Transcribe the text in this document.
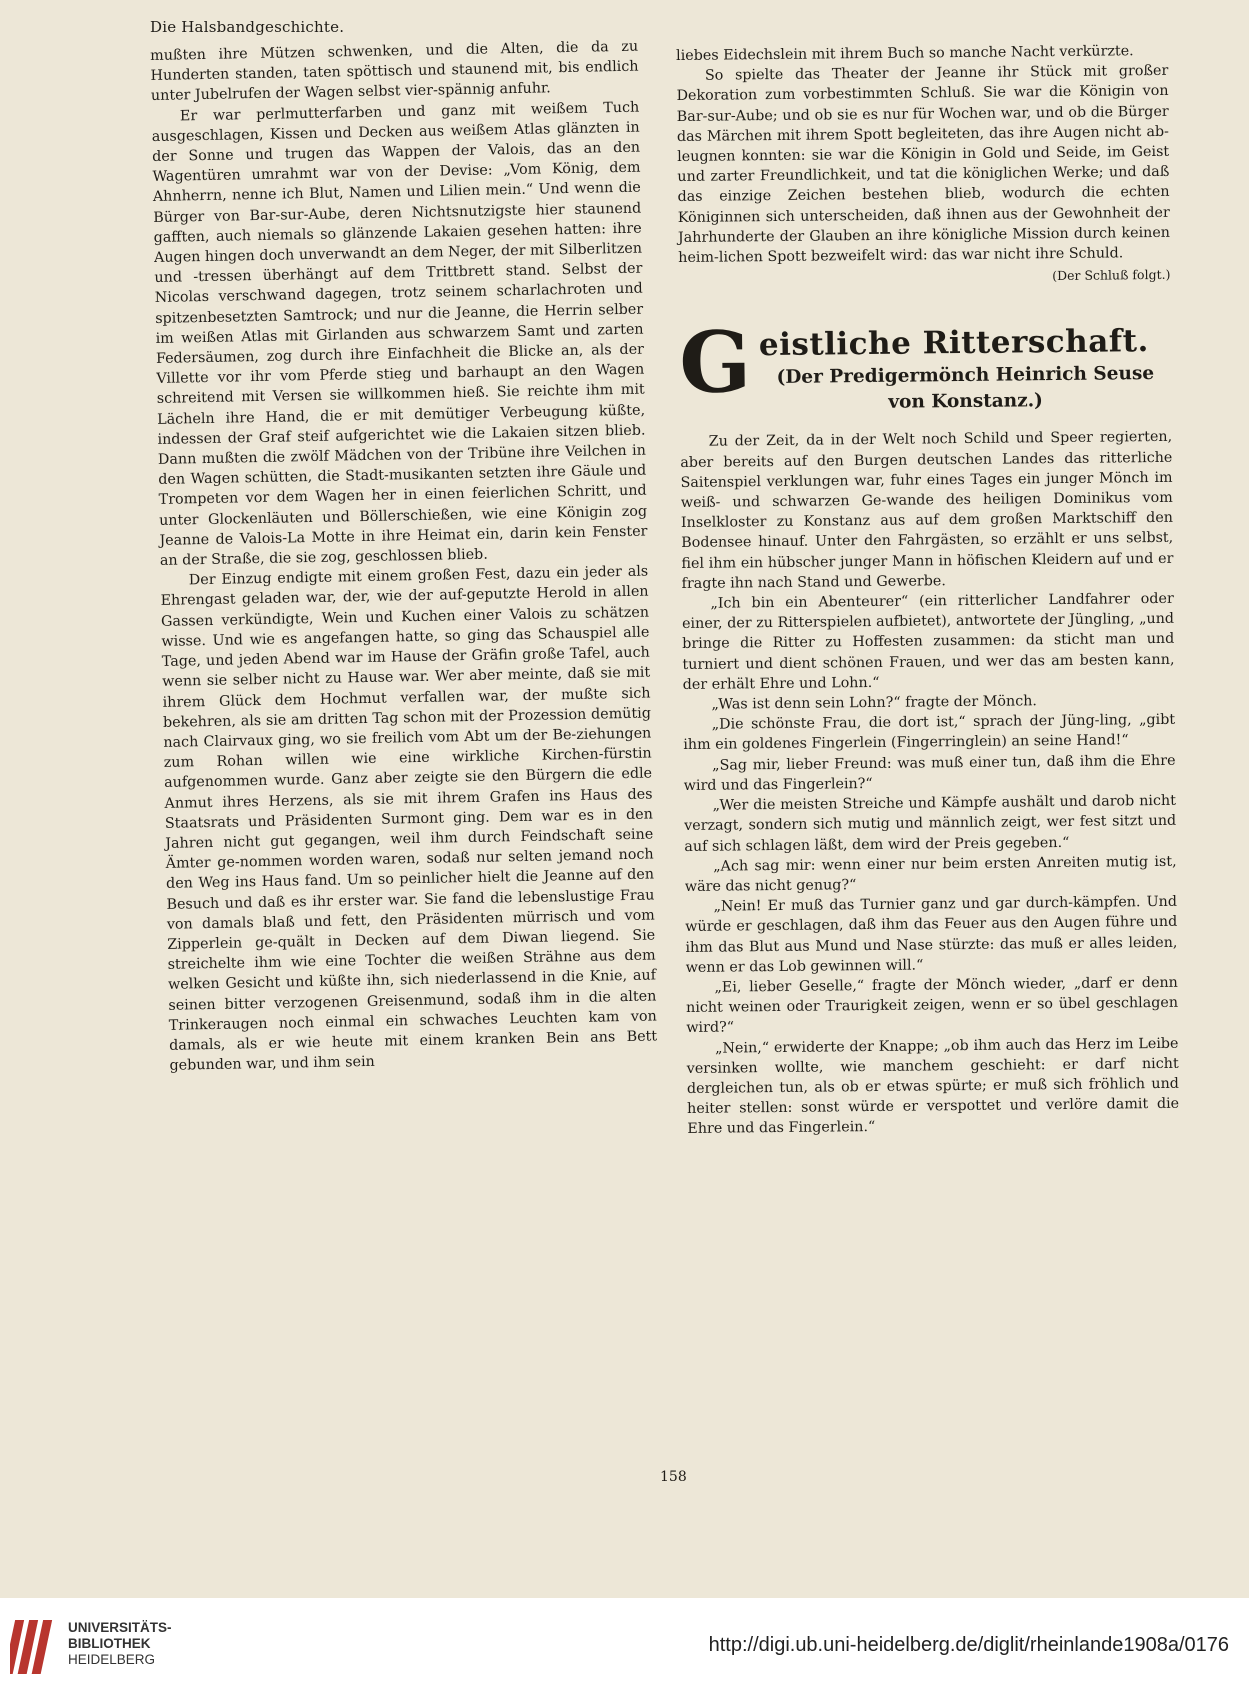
Die Halsbandgeschichte.

mußten ihre Mützen schwenken, und die Alten, die da zu Hunderten standen, taten spöttisch und staunend mit, bis endlich unter Jubelrufen der Wagen selbst vier-spännig anfuhr.

Er war perlmutterfarben und ganz mit weißem Tuch ausgeschlagen, Kissen und Decken aus weißem Atlas glänzten in der Sonne und trugen das Wappen der Valois, das an den Wagentüren umrahmt war von der Devise: „Vom König, dem Ahnherrn, nenne ich Blut, Namen und Lilien mein.“ Und wenn die Bürger von Bar-sur-Aube, deren Nichtsnutzigste hier staunend gafften, auch niemals so glänzende Lakaien gesehen hatten: ihre Augen hingen doch unverwandt an dem Neger, der mit Silberlitzen und -tressen überhängt auf dem Trittbrett stand. Selbst der Nicolas verschwand dagegen, trotz seinem scharlachroten und spitzenbesetzten Samtrock; und nur die Jeanne, die Herrin selber im weißen Atlas mit Girlanden aus schwarzem Samt und zarten Federsäumen, zog durch ihre Einfachheit die Blicke an, als der Villette vor ihr vom Pferde stieg und barhaupt an den Wagen schreitend mit Versen sie willkommen hieß. Sie reichte ihm mit Lächeln ihre Hand, die er mit demütiger Verbeugung küßte, indessen der Graf steif aufgerichtet wie die Lakaien sitzen blieb. Dann mußten die zwölf Mädchen von der Tribüne ihre Veilchen in den Wagen schütten, die Stadt-musikanten setzten ihre Gäule und Trompeten vor dem Wagen her in einen feierlichen Schritt, und unter Glockenläuten und Böllerschießen, wie eine Königin zog Jeanne de Valois-La Motte in ihre Heimat ein, darin kein Fenster an der Straße, die sie zog, geschlossen blieb.

Der Einzug endigte mit einem großen Fest, dazu ein jeder als Ehrengast geladen war, der, wie der auf-geputzte Herold in allen Gassen verkündigte, Wein und Kuchen einer Valois zu schätzen wisse. Und wie es angefangen hatte, so ging das Schauspiel alle Tage, und jeden Abend war im Hause der Gräfin große Tafel, auch wenn sie selber nicht zu Hause war. Wer aber meinte, daß sie mit ihrem Glück dem Hochmut verfallen war, der mußte sich bekehren, als sie am dritten Tag schon mit der Prozession demütig nach Clairvaux ging, wo sie freilich vom Abt um der Be-ziehungen zum Rohan willen wie eine wirkliche Kirchen-fürstin aufgenommen wurde. Ganz aber zeigte sie den Bürgern die edle Anmut ihres Herzens, als sie mit ihrem Grafen ins Haus des Staatsrats und Präsidenten Surmont ging. Dem war es in den Jahren nicht gut gegangen, weil ihm durch Feindschaft seine Ämter ge-nommen worden waren, sodaß nur selten jemand noch den Weg ins Haus fand. Um so peinlicher hielt die Jeanne auf den Besuch und daß es ihr erster war. Sie fand die lebenslustige Frau von damals blaß und fett, den Präsidenten mürrisch und vom Zipperlein ge-quält in Decken auf dem Diwan liegend. Sie streichelte ihm wie eine Tochter die weißen Strähne aus dem welken Gesicht und küßte ihn, sich niederlassend in die Knie, auf seinen bitter verzogenen Greisenmund, sodaß ihm in die alten Trinkeraugen noch einmal ein schwaches Leuchten kam von damals, als er wie heute mit einem kranken Bein ans Bett gebunden war, und ihm sein

liebes Eidechslein mit ihrem Buch so manche Nacht verkürzte.

So spielte das Theater der Jeanne ihr Stück mit großer Dekoration zum vorbestimmten Schluß. Sie war die Königin von Bar-sur-Aube; und ob sie es nur für Wochen war, und ob die Bürger das Märchen mit ihrem Spott begleiteten, das ihre Augen nicht ab-leugnen konnten: sie war die Königin in Gold und Seide, im Geist und zarter Freundlichkeit, und tat die königlichen Werke; und daß das einzige Zeichen bestehen blieb, wodurch die echten Königinnen sich unterscheiden, daß ihnen aus der Gewohnheit der Jahrhunderte der Glauben an ihre königliche Mission durch keinen heim-lichen Spott bezweifelt wird: das war nicht ihre Schuld.

(Der Schluß folgt.)

G eistliche Ritterschaft.
(Der Predigermönch Heinrich Seuse von Konstanz.)

Zu der Zeit, da in der Welt noch Schild und Speer regierten, aber bereits auf den Burgen deutschen Landes das ritterliche Saitenspiel verklungen war, fuhr eines Tages ein junger Mönch im weiß- und schwarzen Ge-wande des heiligen Dominikus vom Inselkloster zu Konstanz aus auf dem großen Marktschiff den Bodensee hinauf. Unter den Fahrgästen, so erzählt er uns selbst, fiel ihm ein hübscher junger Mann in höfischen Kleidern auf und er fragte ihn nach Stand und Gewerbe.

„Ich bin ein Abenteurer“ (ein ritterlicher Landfahrer oder einer, der zu Ritterspielen aufbietet), antwortete der Jüngling, „und bringe die Ritter zu Hoffesten zusammen: da sticht man und turniert und dient schönen Frauen, und wer das am besten kann, der erhält Ehre und Lohn.“

„Was ist denn sein Lohn?“ fragte der Mönch.

„Die schönste Frau, die dort ist,“ sprach der Jüng-ling, „gibt ihm ein goldenes Fingerlein (Fingerringlein) an seine Hand!“

„Sag mir, lieber Freund: was muß einer tun, daß ihm die Ehre wird und das Fingerlein?“

„Wer die meisten Streiche und Kämpfe aushält und darob nicht verzagt, sondern sich mutig und männlich zeigt, wer fest sitzt und auf sich schlagen läßt, dem wird der Preis gegeben.“

„Ach sag mir: wenn einer nur beim ersten Anreiten mutig ist, wäre das nicht genug?“

„Nein! Er muß das Turnier ganz und gar durch-kämpfen. Und würde er geschlagen, daß ihm das Feuer aus den Augen führe und ihm das Blut aus Mund und Nase stürzte: das muß er alles leiden, wenn er das Lob gewinnen will.“

„Ei, lieber Geselle,“ fragte der Mönch wieder, „darf er denn nicht weinen oder Traurigkeit zeigen, wenn er so übel geschlagen wird?“

„Nein,“ erwiderte der Knappe; „ob ihm auch das Herz im Leibe versinken wollte, wie manchem geschieht: er darf nicht dergleichen tun, als ob er etwas spürte; er muß sich fröhlich und heiter stellen: sonst würde er verspottet und verlöre damit die Ehre und das Fingerlein.“

158
UNIVERSITÄTS-
BIBLIOTHEK
HEIDELBERG
http://digi.ub.uni-heidelberg.de/diglit/rheinlande1908a/0176
